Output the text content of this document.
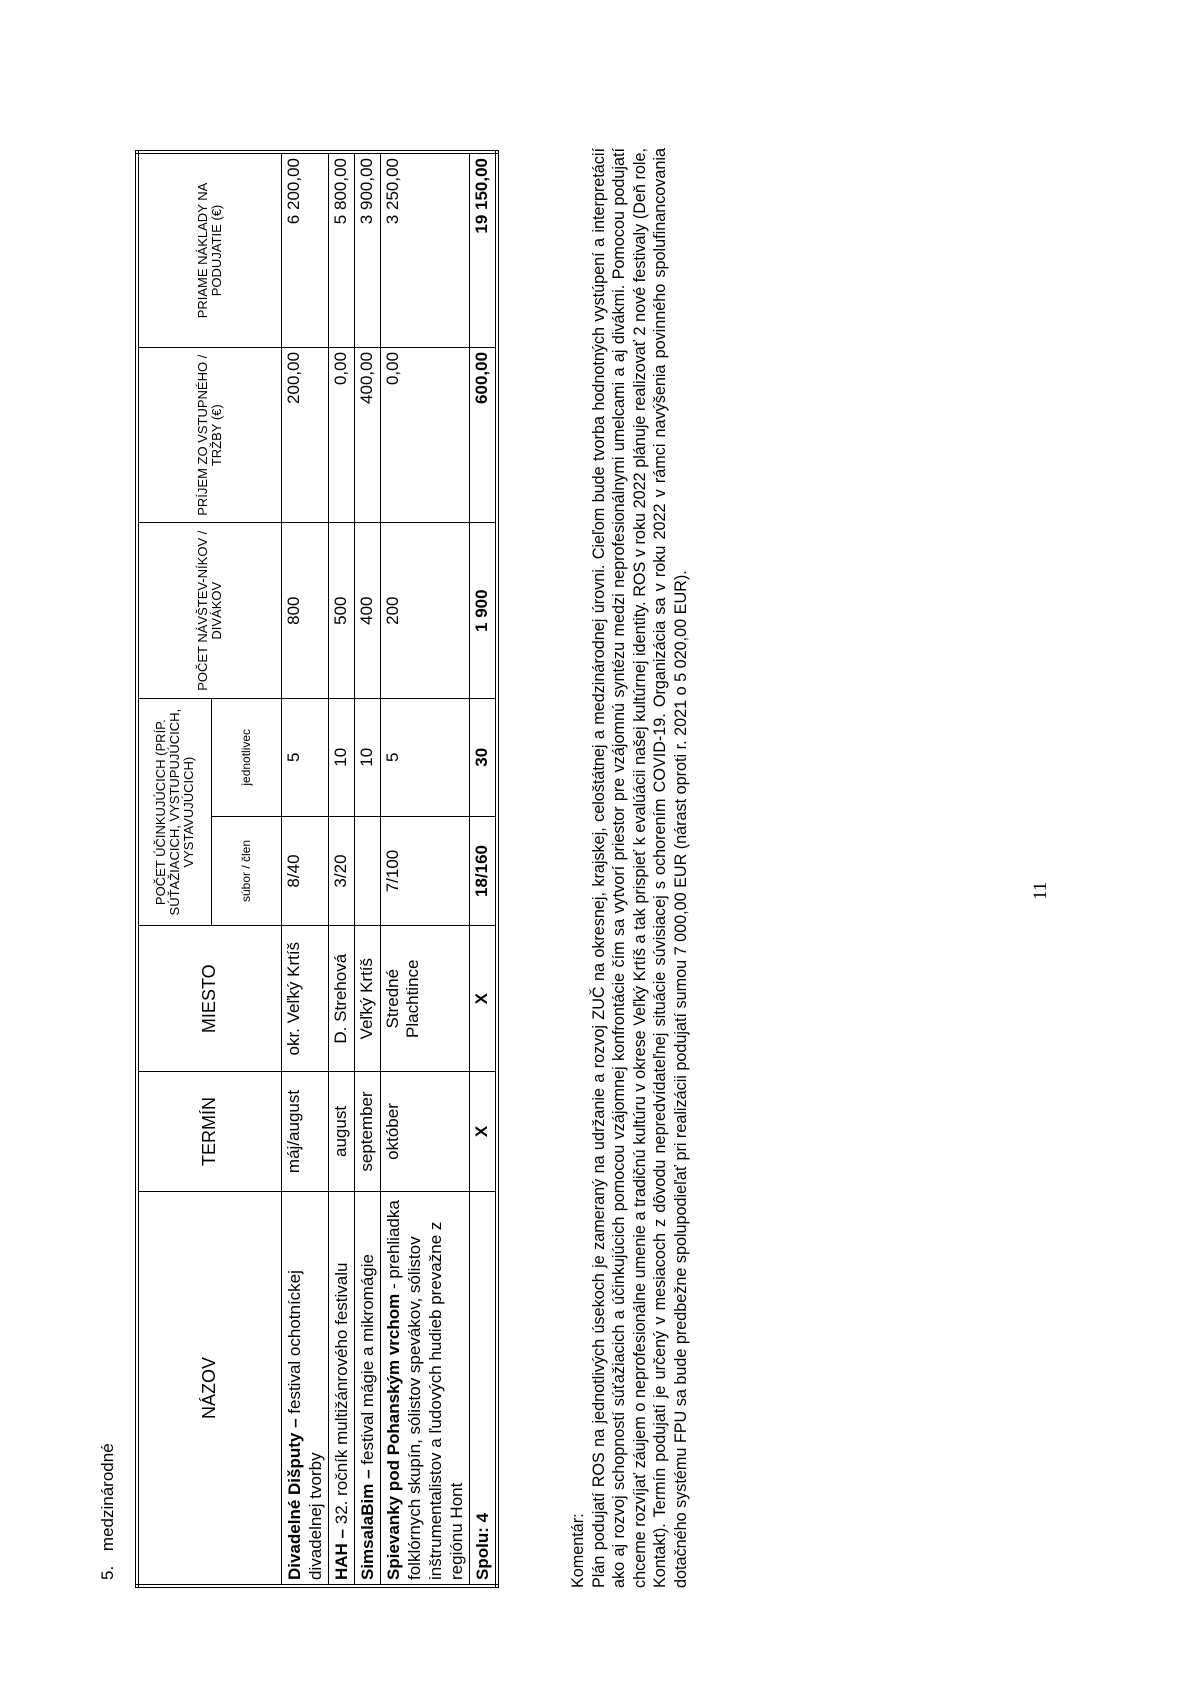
5. medzinárodné
NÁZOV	TERMÍN	MIESTO	POČET ÚČINKUJÚCICH (PRÍP. SÚŤAŽIACICH, VYSTUPUJÚCICH, VYSTAVUJÚCICH)		POČET NÁVŠTEV-NÍKOV / DIVÁKOV	PRÍJEM ZO VSTUPNÉHO / TRŽBY (€)	PRIAME NÁKLADY NA PODUJATIE (€)
			súbor / člen	jednotlivec			
Divadelné Dišputy – festival ochotníckej divadelnej tvorby	máj/august	okr. Veľký Krtíš	8/40	5	800	200,00	6 200,00
HAH – 32. ročník multižánrového festivalu	august	D. Strehová	3/20	10	500	0,00	5 800,00
SimsalaBim – festival mágie a mikromágie	september	Veľký Krtíš		10	400	400,00	3 900,00
Spievanky pod Pohanským vrchom - prehliadka folklórnych skupín, sólistov spevákov, sólistov inštrumentalistov a ľudových hudieb prevažne z regiónu Hont	október	Stredné Plachtince	7/100	5	200	0,00	3 250,00
Spolu: 4	X	X	18/160	30	1 900	600,00	19 150,00
Komentár: Plán podujatí ROS na jednotlivých úsekoch je zameraný na udržanie a rozvoj ZUČ na okresnej, krajskej, celoštátnej a medzinárodnej úrovni. Cieľom bude tvorba hodnotných vystúpení a interpretácií ako aj rozvoj schopností súťažiacich a účinkujúcich pomocou vzájomnej konfrontácie čím sa vytvorí priestor pre vzájomnú syntézu medzi neprofesionálnymi umelcami a aj divákmi. Pomocou podujatí chceme rozvíjať záujem o neprofesionálne umenie a tradičnú kultúru v okrese Veľký Krtíš a tak prispieť k evalúácii našej kultúrnej identity. ROS v roku 2022 plánuje realizovať 2 nové festivaly (Deň role, Kontakt). Termín podujatí je určený v mesiacoch z dôvodu nepredvídateľnej situácie súvisiacej s ochorením COVID-19. Organizácia sa v roku 2022 v rámci navýšenia povinného spolufinancovania dotačného systému FPU sa bude predbežne spolupodieľať pri realizácii podujatí sumou 7 000,00 EUR (nárast oproti r. 2021 o 5 020,00 EUR).	11
